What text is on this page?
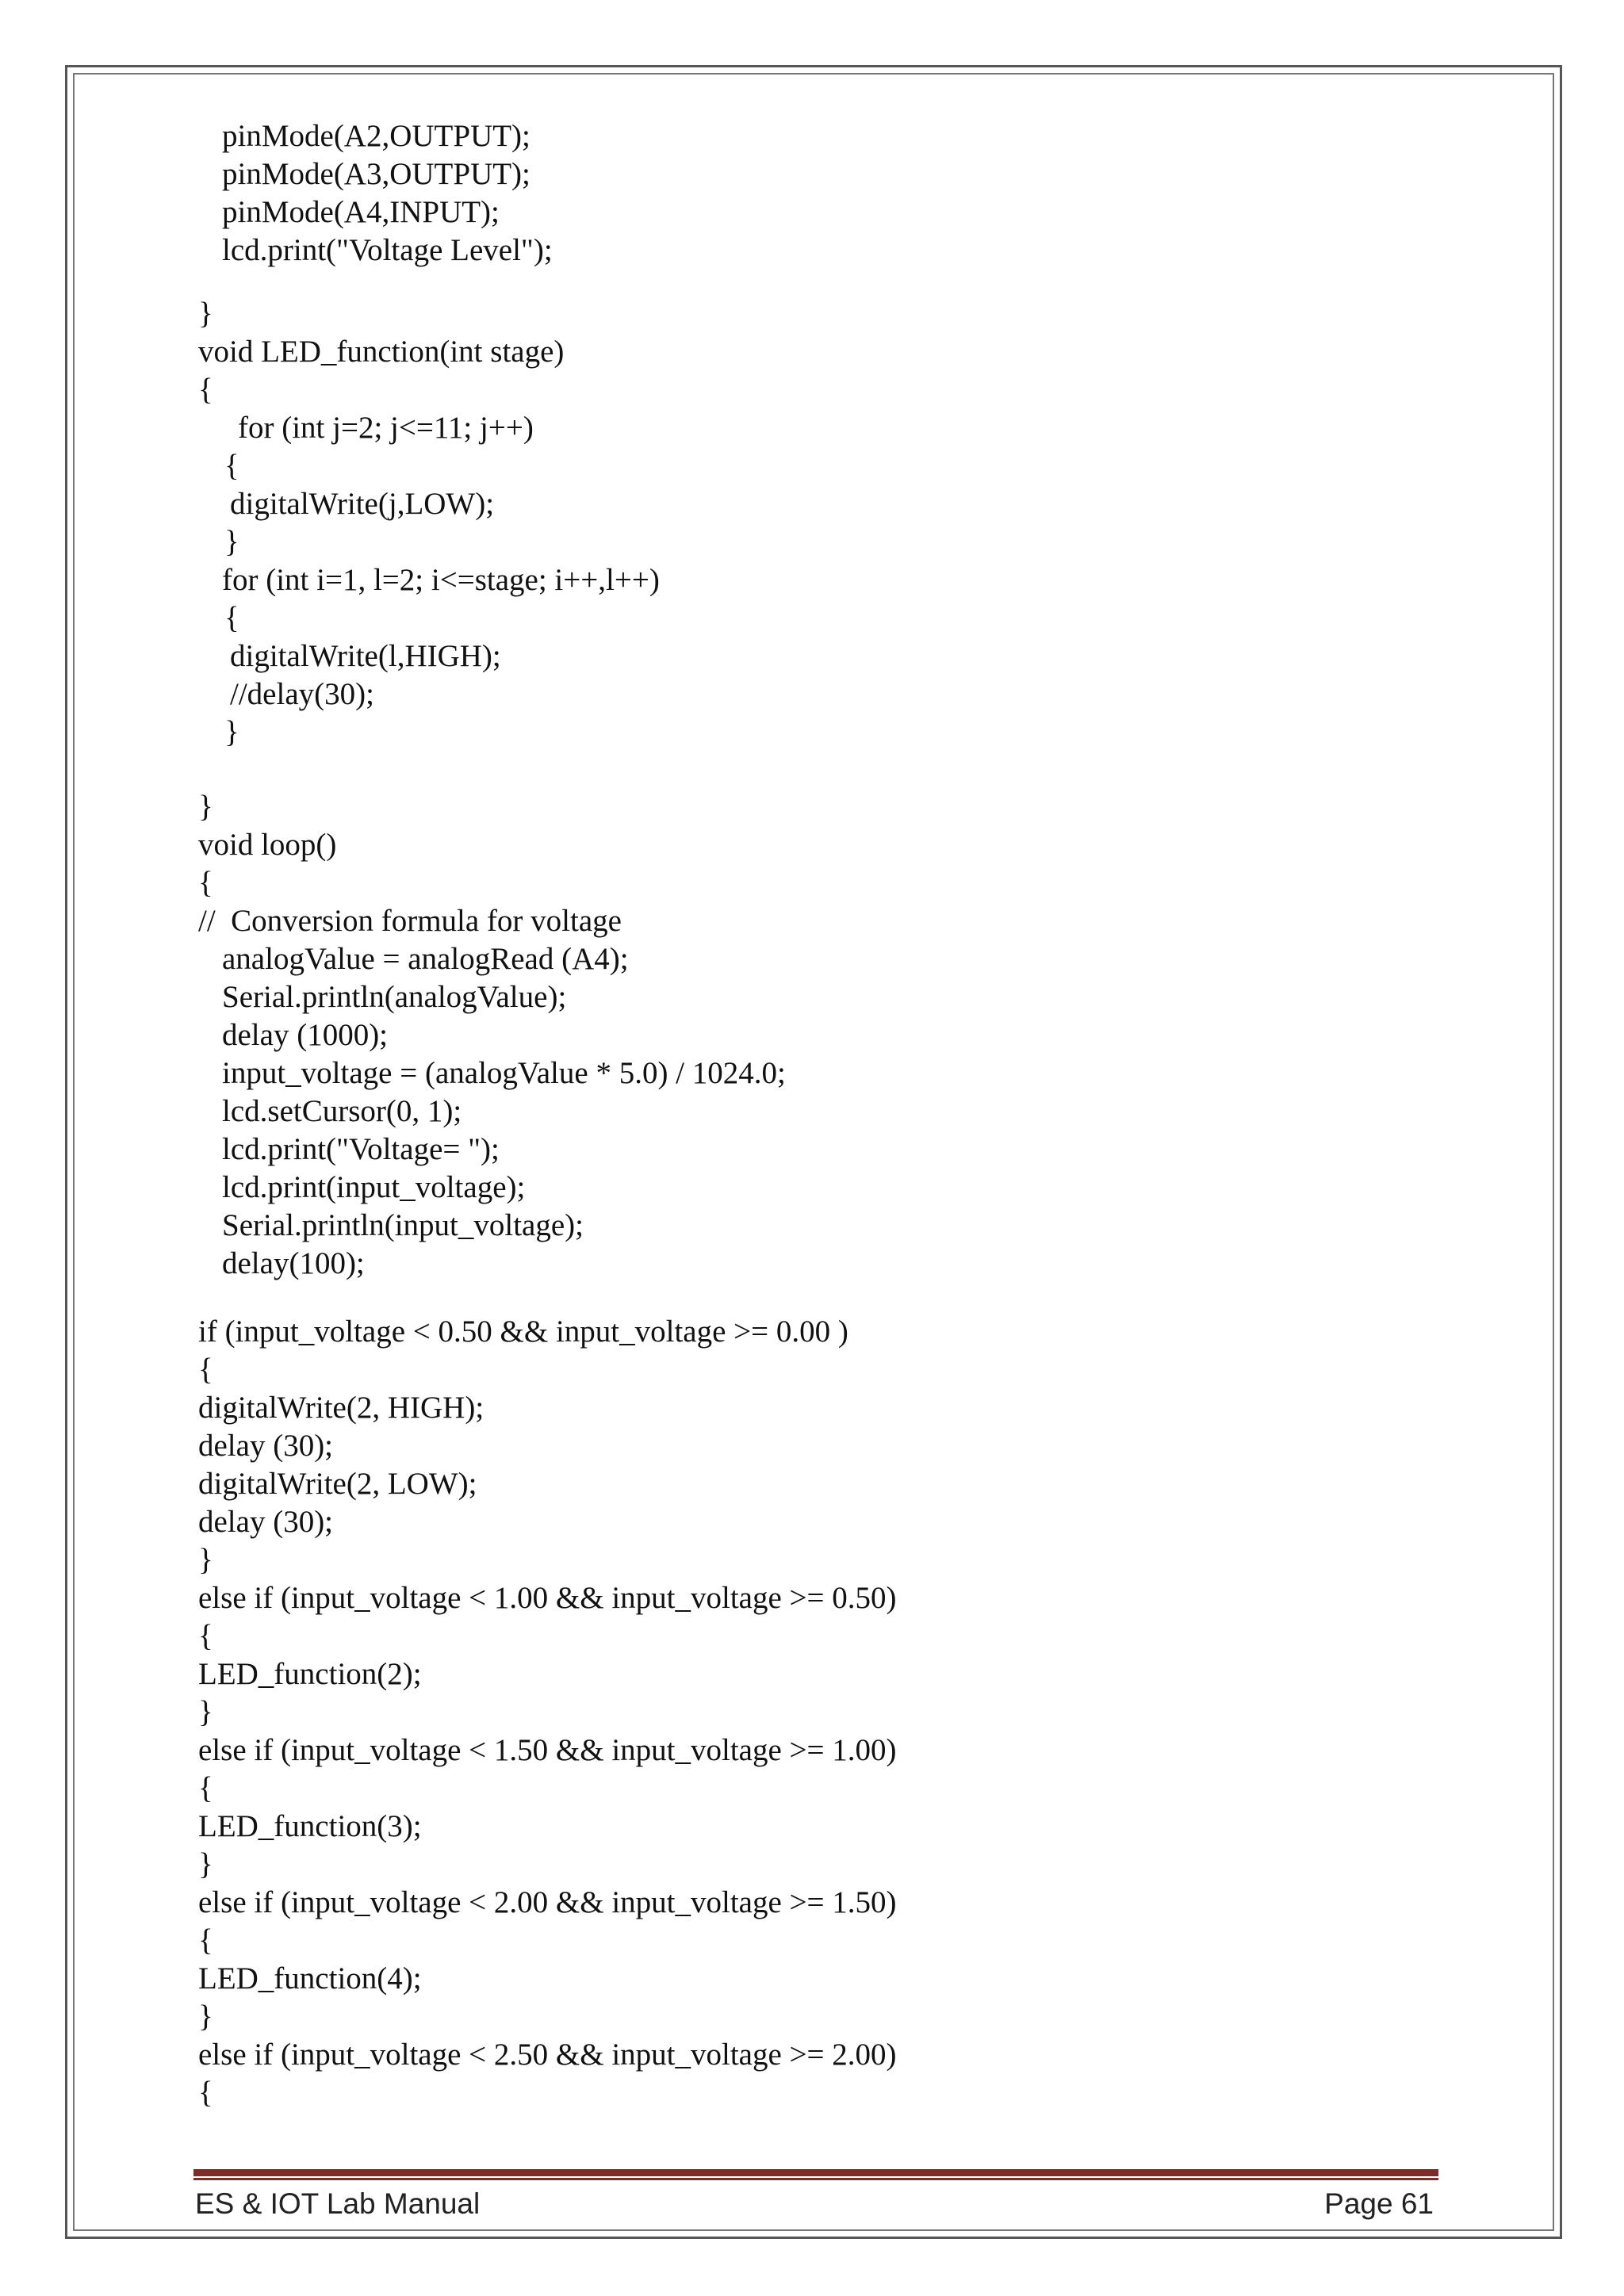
pinMode(A2,OUTPUT);
pinMode(A3,OUTPUT);
pinMode(A4,INPUT);
lcd.print("Voltage Level");
}
void LED_function(int stage)
{
for (int j=2; j<=11; j++)
{
digitalWrite(j,LOW);
}
for (int i=1, l=2; i<=stage; i++,l++)
{
digitalWrite(l,HIGH);
//delay(30);
}
}
void loop()
{
//  Conversion formula for voltage
analogValue = analogRead (A4);
Serial.println(analogValue);
delay (1000);
input_voltage = (analogValue * 5.0) / 1024.0;
lcd.setCursor(0, 1);
lcd.print("Voltage= ");
lcd.print(input_voltage);
Serial.println(input_voltage);
delay(100);
if (input_voltage < 0.50 && input_voltage >= 0.00 )
{
digitalWrite(2, HIGH);
delay (30);
digitalWrite(2, LOW);
delay (30);
}
else if (input_voltage < 1.00 && input_voltage >= 0.50)
{
LED_function(2);
}
else if (input_voltage < 1.50 && input_voltage >= 1.00)
{
LED_function(3);
}
else if (input_voltage < 2.00 && input_voltage >= 1.50)
{
LED_function(4);
}
else if (input_voltage < 2.50 && input_voltage >= 2.00)
{
ES & IOT Lab Manual	Page 61
